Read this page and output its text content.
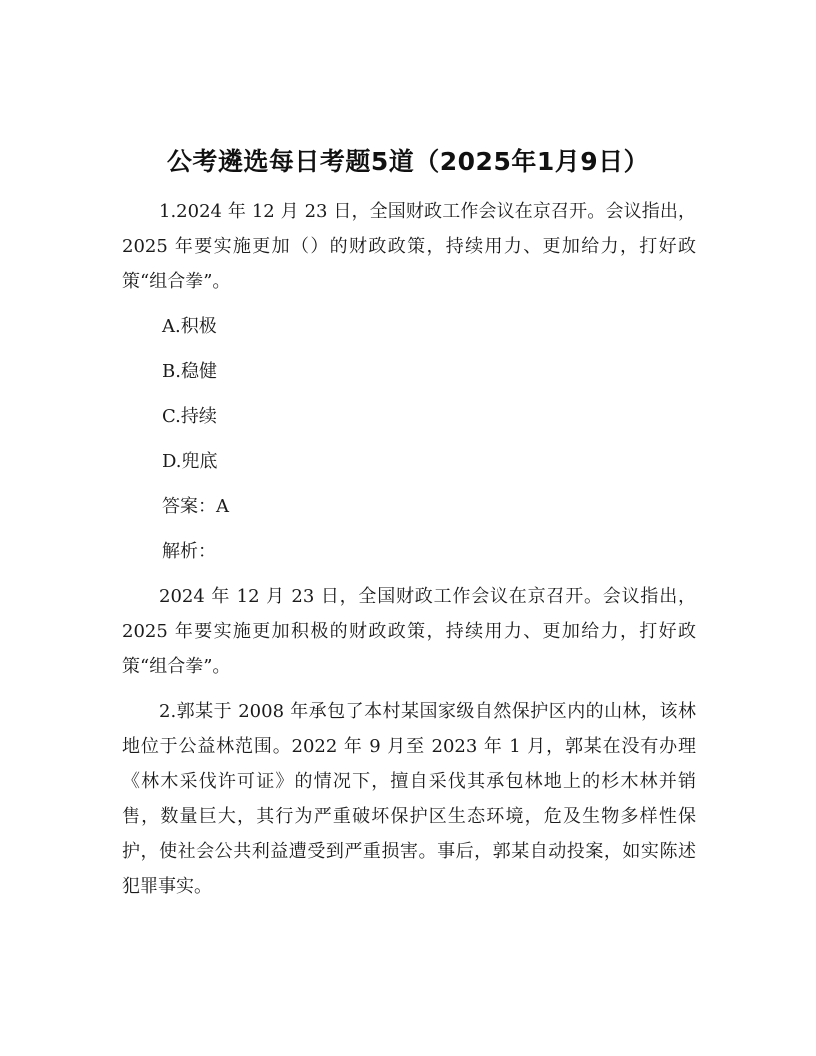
公考遴选每日考题5道（2025年1月9日）

1.2024 年 12 月 23 日，全国财政工作会议在京召开。会议指出，2025 年要实施更加（）的财政政策，持续用力、更加给力，打好政策“组合拳”。

A.积极

B.稳健

C.持续

D.兜底

答案：A

解析：

2024 年 12 月 23 日，全国财政工作会议在京召开。会议指出，2025 年要实施更加积极的财政政策，持续用力、更加给力，打好政策“组合拳”。

2.郭某于 2008 年承包了本村某国家级自然保护区内的山林，该林地位于公益林范围。2022 年 9 月至 2023 年 1 月，郭某在没有办理《林木采伐许可证》的情况下，擅自采伐其承包林地上的杉木林并销售，数量巨大，其行为严重破坏保护区生态环境，危及生物多样性保护，使社会公共利益遭受到严重损害。事后，郭某自动投案，如实陈述犯罪事实。
